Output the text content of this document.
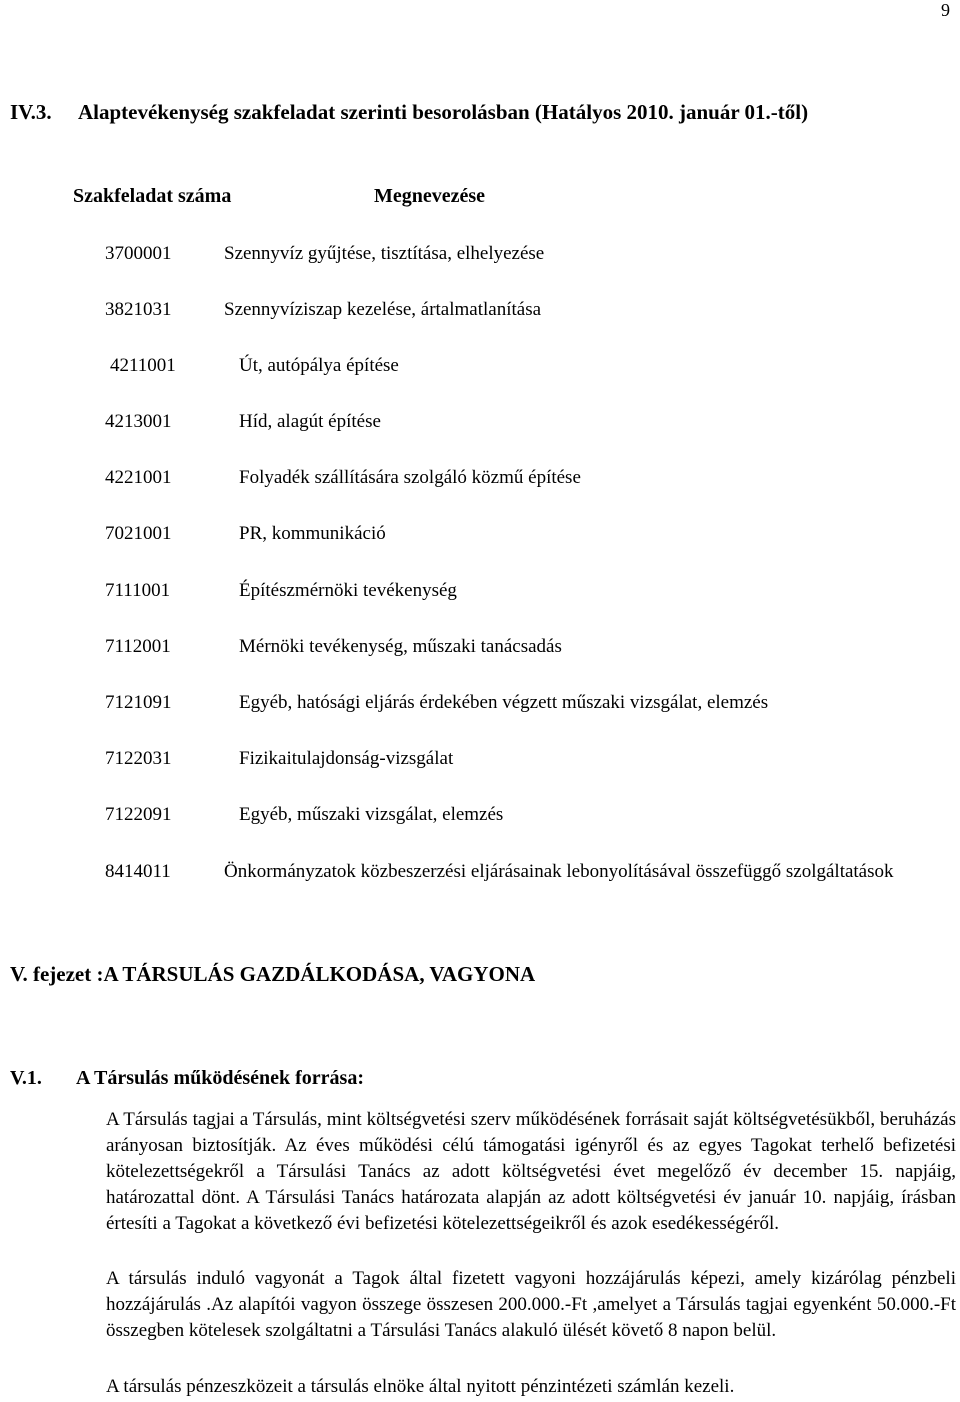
9
IV.3. Alaptevékenység szakfeladat szerinti besorolásban (Hatályos 2010. január 01.-től)
Szakfeladat száma	Megnevezése
3700001	Szennyvíz gyűjtése, tisztítása, elhelyezése
3821031	Szennyvíziszap kezelése, ártalmatlanítása
4211001	Út, autópálya építése
4213001	Híd, alagút építése
4221001	Folyadék szállítására szolgáló közmű építése
7021001	PR, kommunikáció
7111001	Építészmérnöki tevékenység
7112001	Mérnöki tevékenység, műszaki tanácsadás
7121091	Egyéb, hatósági eljárás érdekében végzett műszaki vizsgálat, elemzés
7122031	Fizikaitulajdonság-vizsgálat
7122091	Egyéb, műszaki vizsgálat, elemzés
8414011	Önkormányzatok közbeszerzési eljárásainak lebonyolításával összefüggő szolgáltatások
V. fejezet :A TÁRSULÁS GAZDÁLKODÁSA, VAGYONA
V.1. A Társulás működésének forrása:
A Társulás tagjai a Társulás, mint költségvetési szerv működésének forrásait saját költségvetésükből, beruházás arányosan biztosítják. Az éves működési célú támogatási igényről és az egyes Tagokat terhelő befizetési kötelezettségekről a Társulási Tanács az adott költségvetési évet megelőző év december 15. napjáig, határozattal dönt. A Társulási Tanács határozata alapján az adott költségvetési év január 10. napjáig, írásban értesíti a Tagokat a következő évi befizetési kötelezettségeikről és azok esedékességéről.
A társulás induló vagyonát a Tagok által fizetett vagyoni hozzájárulás képezi, amely kizárólag pénzbeli hozzájárulás .Az alapítói vagyon összege összesen 200.000.-Ft ,amelyet a Társulás tagjai egyenként 50.000.-Ft összegben kötelesek szolgáltatni a Társulási Tanács alakuló ülését követő 8 napon belül.
A társulás pénzeszközeit a társulás elnöke által nyitott pénzintézeti számlán kezeli.
